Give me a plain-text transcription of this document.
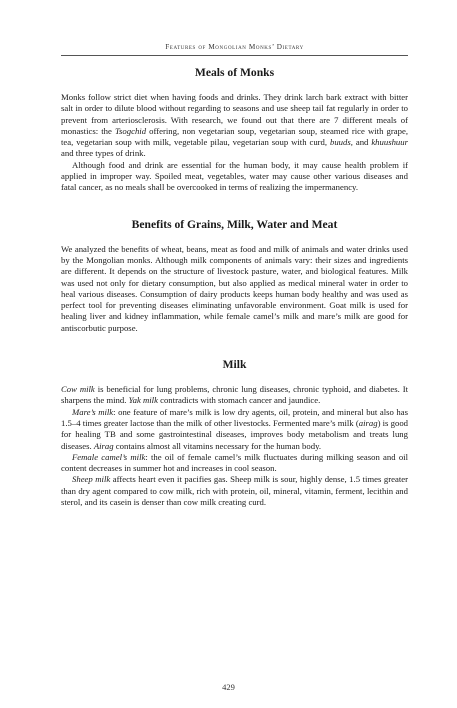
Features of Mongolian Monks’ Dietary
Meals of Monks

Monks follow strict diet when having foods and drinks. They drink larch bark extract with bitter salt in order to dilute blood without regarding to seasons and use sheep tail fat regularly in order to prevent from arteriosclerosis. With research, we found out that there are 7 different meals of monastics: the Tsogchid offering, non vegetarian soup, vegetarian soup, steamed rice with grape, tea, vegetarian soup with milk, vegetable pilau, vegetarian soup with curd, buuds, and khuushuur and three types of drink.

Although food and drink are essential for the human body, it may cause health problem if applied in improper way. Spoiled meat, vegetables, water may cause other various diseases and fatal cancer, as no meals shall be overcooked in terms of realizing the impermanency.

Benefits of Grains, Milk, Water and Meat

We analyzed the benefits of wheat, beans, meat as food and milk of animals and water drinks used by the Mongolian monks. Although milk components of animals vary: their sizes and ingredients are different. It depends on the structure of livestock pasture, water, and biological features. Milk was used not only for dietary consumption, but also applied as medical mineral water in order to heal various diseases. Consumption of dairy products keeps human body healthy and was used as perfect tool for preventing diseases eliminating unfavorable environment. Goat milk is used for healing liver and kidney inflammation, while female camel’s milk and mare’s milk are good for antiscorbutic purpose.

Milk

Cow milk is beneficial for lung problems, chronic lung diseases, chronic typhoid, and diabetes. It sharpens the mind. Yak milk contradicts with stomach cancer and jaundice.

Mare’s milk: one feature of mare’s milk is low dry agents, oil, protein, and mineral but also has 1.5–4 times greater lactose than the milk of other livestocks. Fermented mare’s milk (airag) is good for healing TB and some gastrointestinal diseases, improves body metabolism and treats lung diseases. Airag contains almost all vitamins necessary for the human body.

Female camel’s milk: the oil of female camel’s milk fluctuates during milking season and oil content decreases in summer hot and increases in cool season.

Sheep milk affects heart even it pacifies gas. Sheep milk is sour, highly dense, 1.5 times greater than dry agent compared to cow milk, rich with protein, oil, mineral, vitamin, ferment, lecithin and sterol, and its casein is denser than cow milk creating curd.

429
